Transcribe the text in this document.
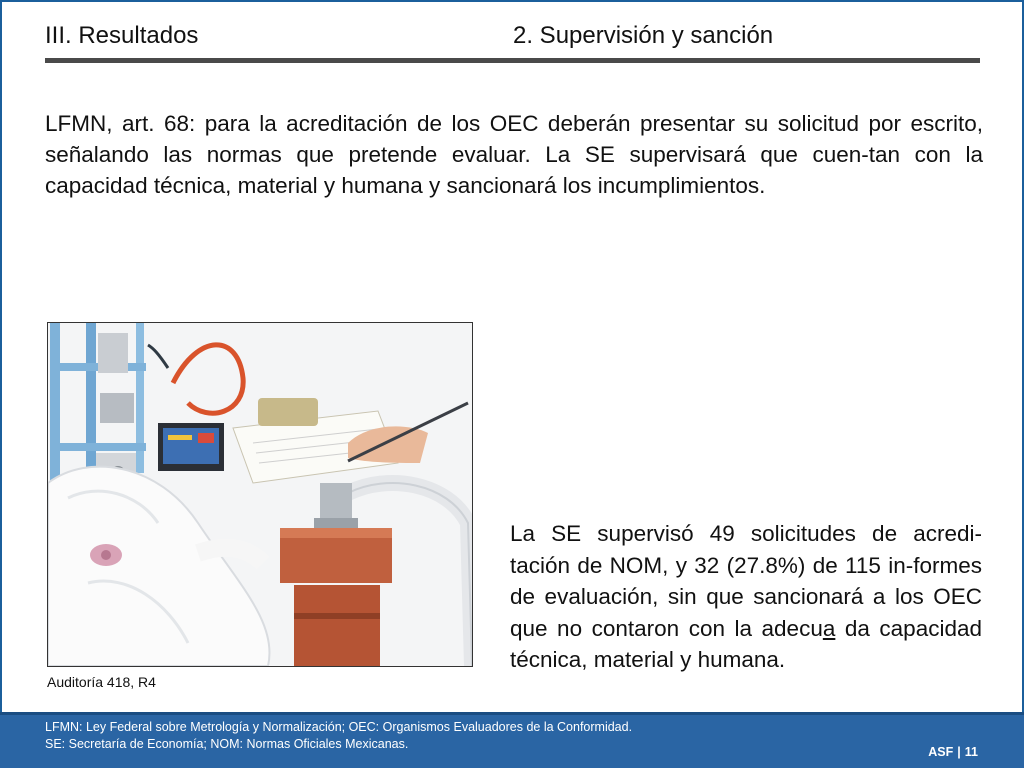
III. Resultados	2. Supervisión y sanción

LFMN, art. 68: para la acreditación de los OEC deberán presentar su solicitud por escrito, señalando las normas que pretende evaluar. La SE supervisará que cuen-tan con la capacidad técnica, material y humana y sancionará los incumplimientos.

Auditoría 418, R4

La SE supervisó 49 solicitudes de acredi-tación de NOM, y 32 (27.8%) de 115 in-formes de evaluación, sin que sancionará a los OEC que no contaron con la adecua da capacidad técnica, material y humana.

LFMN: Ley Federal sobre Metrología y Normalización; OEC: Organismos Evaluadores de la Conformidad.
SE: Secretaría de Economía; NOM: Normas Oficiales Mexicanas.
ASF | 11
